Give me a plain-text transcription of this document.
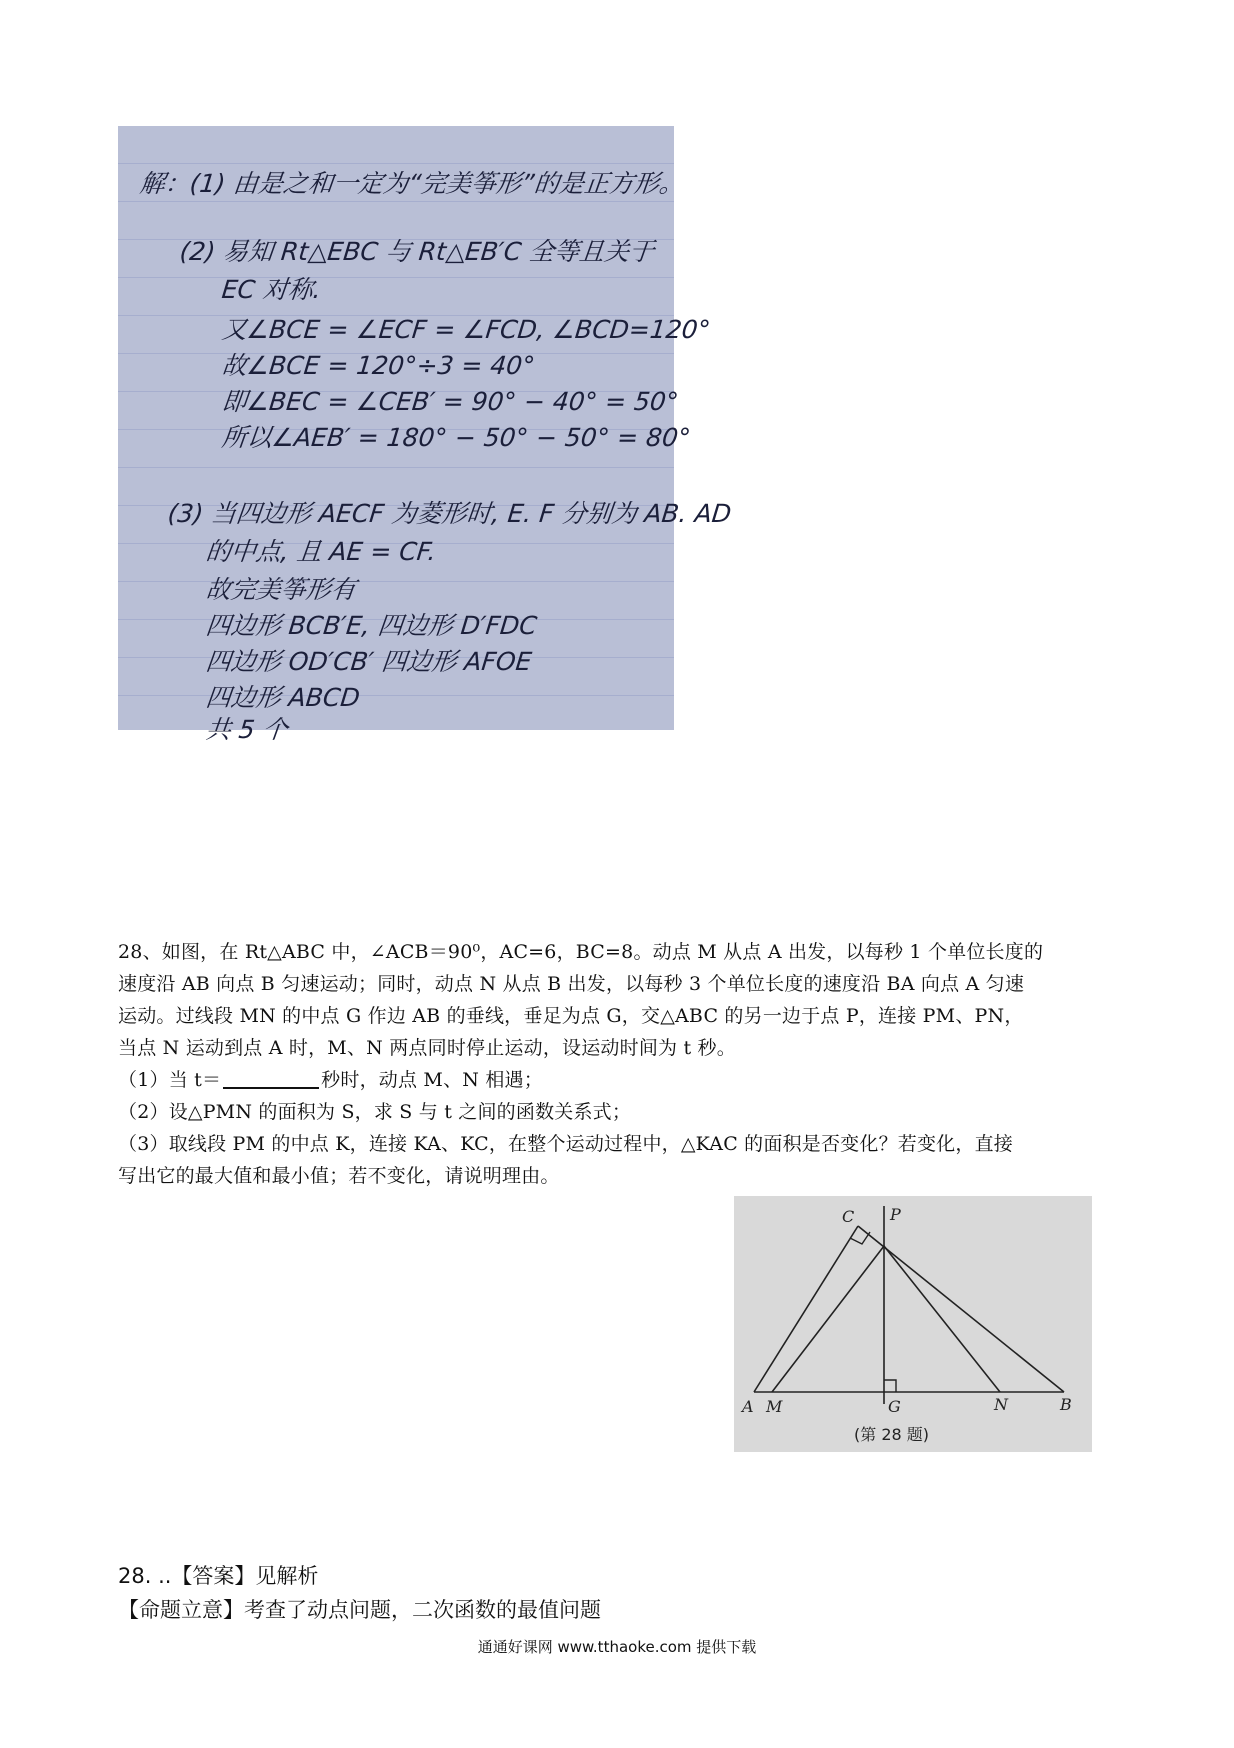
解：(1) 由是之和一定为“完美筝形”的是正方形。
(2) 易知 Rt△EBC 与 Rt△EB′C 全等且关于
EC 对称.
又∠BCE = ∠ECF = ∠FCD, ∠BCD=120°
故∠BCE = 120°÷3 = 40°
即∠BEC = ∠CEB′ = 90° − 40° = 50°
所以∠AEB′ = 180° − 50° − 50° = 80°
(3) 当四边形 AECF 为菱形时, E. F 分别为 AB. AD
的中点, 且 AE = CF.
故完美筝形有
四边形 BCB′E, 四边形 D′FDC
四边形 OD′CB′ 四边形 AFOE
四边形 ABCD
共 5 个
28、如图，在 Rt△ABC 中，∠ACB＝90⁰，AC=6，BC=8。动点 M 从点 A 出发，以每秒 1 个单位长度的
速度沿 AB 向点 B 匀速运动；同时，动点 N 从点 B 出发，以每秒 3 个单位长度的速度沿 BA 向点 A 匀速
运动。过线段 MN 的中点 G 作边 AB 的垂线，垂足为点 G，交△ABC 的另一边于点 P，连接 PM、PN，
当点 N 运动到点 A 时，M、N 两点同时停止运动，设运动时间为 t 秒。
（1）当 t＝	秒时，动点 M、N 相遇；
（2）设△PMN 的面积为 S，求 S 与 t 之间的函数关系式；
（3）取线段 PM 的中点 K，连接 KA、KC，在整个运动过程中，△KAC 的面积是否变化？若变化，直接
写出它的最大值和最小值；若不变化，请说明理由。
C P
A M	G	N	B
(第 28 题)
28. ..【答案】见解析
【命题立意】考查了动点问题，二次函数的最值问题
通通好课网 www.tthaoke.com 提供下载
